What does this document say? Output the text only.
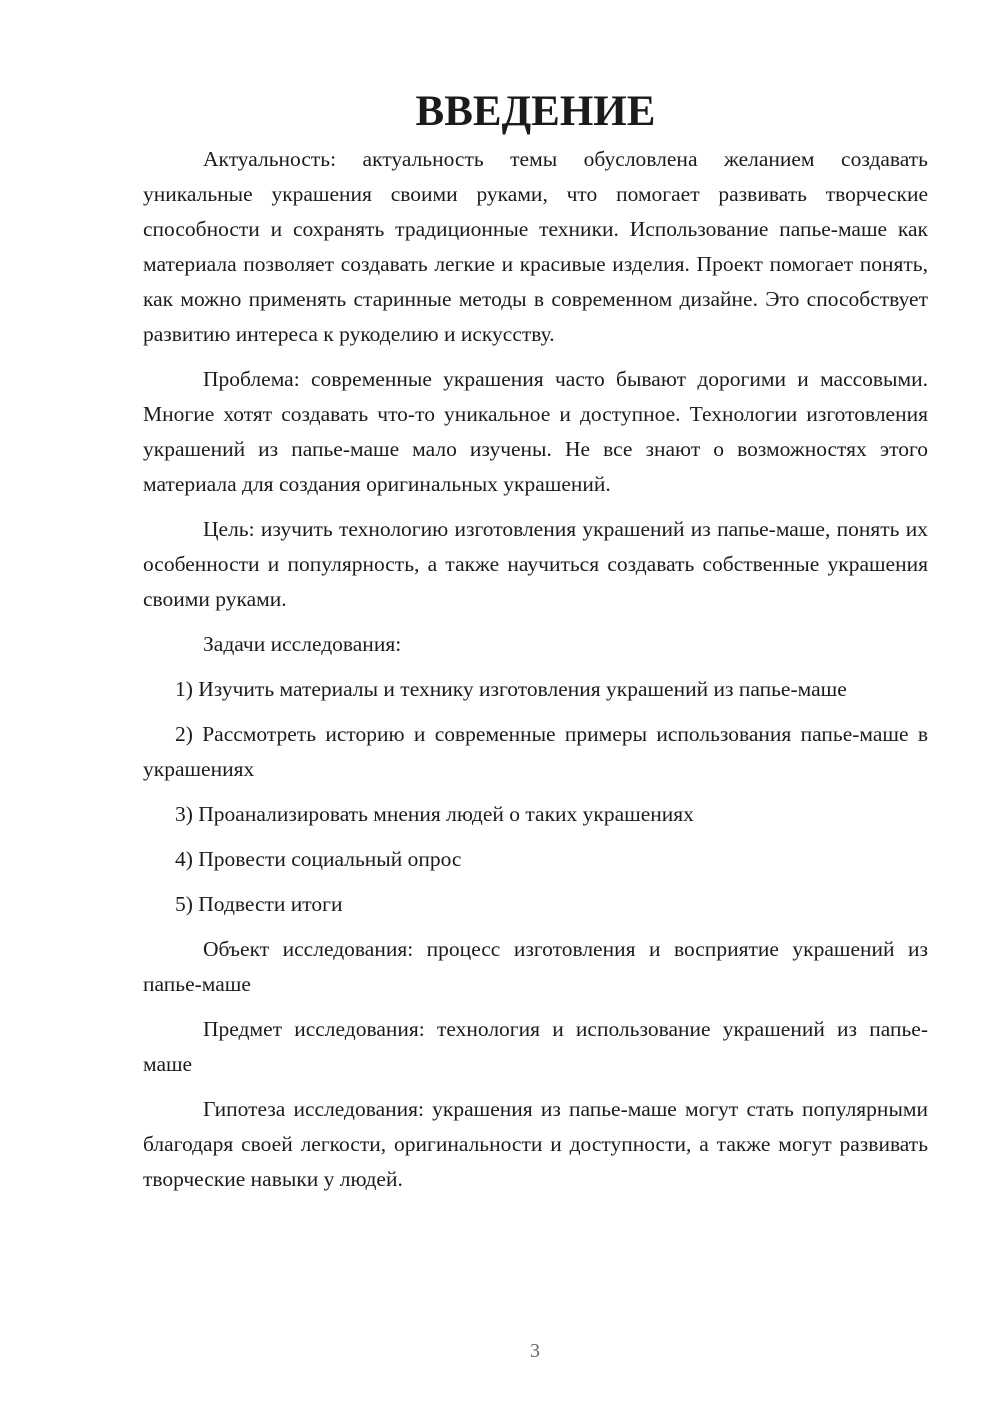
ВВЕДЕНИЕ

Актуальность: актуальность темы обусловлена желанием создавать уникальные украшения своими руками, что помогает развивать творческие способности и сохранять традиционные техники. Использование папье-маше как материала позволяет создавать легкие и красивые изделия. Проект помогает понять, как можно применять старинные методы в современном дизайне. Это способствует развитию интереса к рукоделию и искусству.

Проблема: современные украшения часто бывают дорогими и массовыми. Многие хотят создавать что-то уникальное и доступное. Технологии изготовления украшений из папье-маше мало изучены. Не все знают о возможностях этого материала для создания оригинальных украшений.

Цель: изучить технологию изготовления украшений из папье-маше, понять их особенности и популярность, а также научиться создавать собственные украшения своими руками.

Задачи исследования:

1) Изучить материалы и технику изготовления украшений из папье-маше

2) Рассмотреть историю и современные примеры использования папье-маше в украшениях

3) Проанализировать мнения людей о таких украшениях

4) Провести социальный опрос

5) Подвести итоги

Объект исследования: процесс изготовления и восприятие украшений из папье-маше

Предмет исследования: технология и использование украшений из папье-маше

Гипотеза исследования: украшения из папье-маше могут стать популярными благодаря своей легкости, оригинальности и доступности, а также могут развивать творческие навыки у людей.

3
